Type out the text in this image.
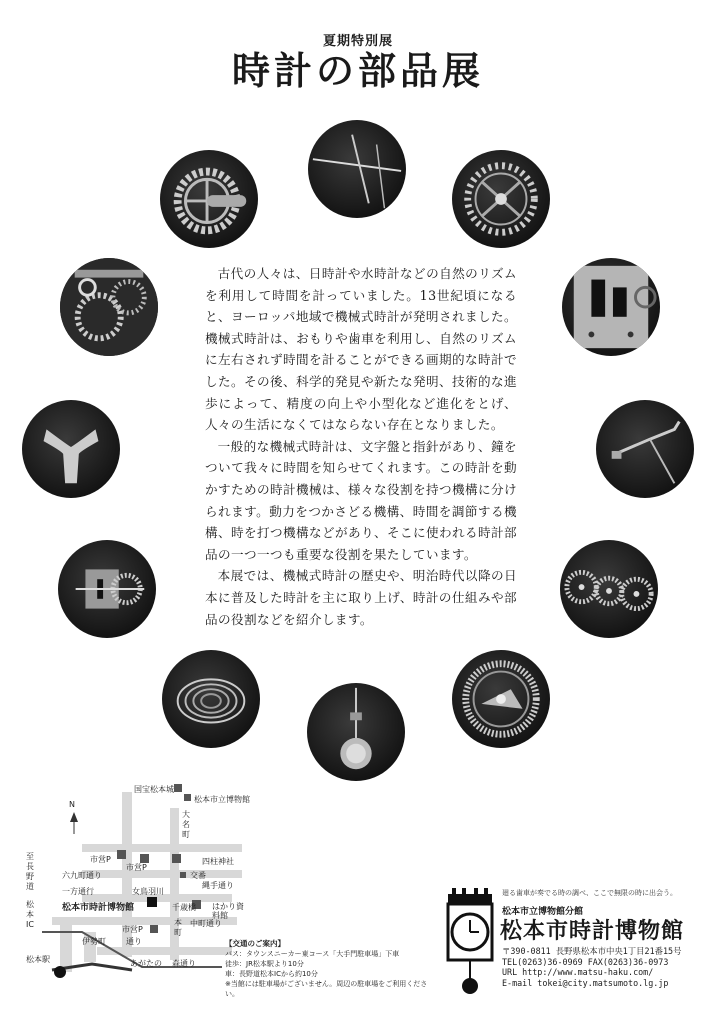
夏期特別展
時計の部品展

古代の人々は、日時計や水時計などの自然のリズムを利用して時間を計っていました。13世紀頃になると、ヨーロッパ地域で機械式時計が発明されました。機械式時計は、おもりや歯車を利用し、自然のリズムに左右されず時間を計ることができる画期的な時計でした。その後、科学的発見や新たな発明、技術的な進歩によって、精度の向上や小型化など進化をとげ、人々の生活になくてはならない存在となりました。

一般的な機械式時計は、文字盤と指針があり、鐘をついて我々に時間を知らせてくれます。この時計を動かすための時計機械は、様々な役割を持つ機構に分けられます。動力をつかさどる機構、時間を調節する機構、時を打つ機構などがあり、そこに使われる時計部品の一つ一つも重要な役割を果たしています。

本展では、機械式時計の歴史や、明治時代以降の日本に普及した時計を主に取り上げ、時計の仕組みや部品の役割などを紹介します。

N
国宝松本城
松本市立博物館
大名町
市営P
市営P
六九町通り
四柱神社
交番
縄手通り
一方通行	女鳥羽川
松本市時計博物館	千歳橋
本町
中町通り
市営P
はかり資料館
伊勢町	通り
あがたの 森通り
至長野道
松本IC
松本駅
【交通のご案内】
バス：タウンスニーカー東コース「大手門駐車場」下車
徒歩：JR松本駅より10分
車：長野道松本ICから約10分
※当館には駐車場がございません。周辺の駐車場をご利用ください。
廻る歯車が奏でる時の調べ、ここで無限の時に出会う。
松本市立博物館分館
松本市時計博物館
〒390-0811 長野県松本市中央1丁目21番15号
TEL(0263)36-0969 FAX(0263)36-0973
URL http://www.matsu-haku.com/
E-mail tokei@city.matsumoto.lg.jp
